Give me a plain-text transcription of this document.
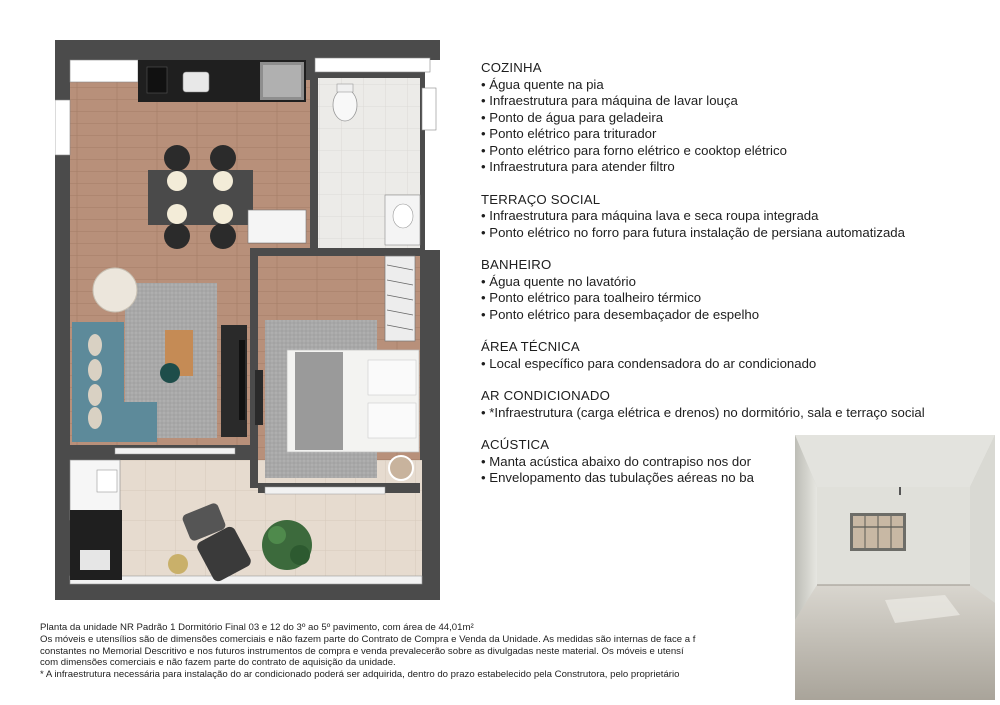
COZINHA
• Água quente na pia
• Infraestrutura para máquina de lavar louça
• Ponto de água para geladeira
• Ponto elétrico para triturador
• Ponto elétrico para forno elétrico e cooktop elétrico
• Infraestrutura para atender filtro
TERRAÇO SOCIAL
• Infraestrutura para máquina lava e seca roupa integrada
• Ponto elétrico no forro para futura instalação de persiana automatizada
BANHEIRO
• Água quente no lavatório
• Ponto elétrico para toalheiro térmico
• Ponto elétrico para desembaçador de espelho
ÁREA TÉCNICA
• Local específico para condensadora do ar condicionado
AR CONDICIONADO
• *Infraestrutura (carga elétrica e drenos) no dormitório, sala e terraço social
ACÚSTICA
• Manta acústica abaixo do contrapiso nos dor
• Envelopamento das tubulações aéreas no ba
Planta da unidade NR Padrão 1 Dormitório Final 03 e 12 do 3º ao 5º pavimento, com área de 44,01m²
Os móveis e utensílios são de dimensões comerciais e não fazem parte do Contrato de Compra e Venda da Unidade. As medidas são internas de face a f
constantes no Memorial Descritivo e nos futuros instrumentos de compra e venda prevalecerão sobre as divulgadas neste material. Os móveis e utensí
com dimensões comerciais e não fazem parte do contrato de aquisição da unidade.
* A infraestrutura necessária para instalação do ar condicionado poderá ser adquirida, dentro do prazo estabelecido pela Construtora, pelo proprietário
